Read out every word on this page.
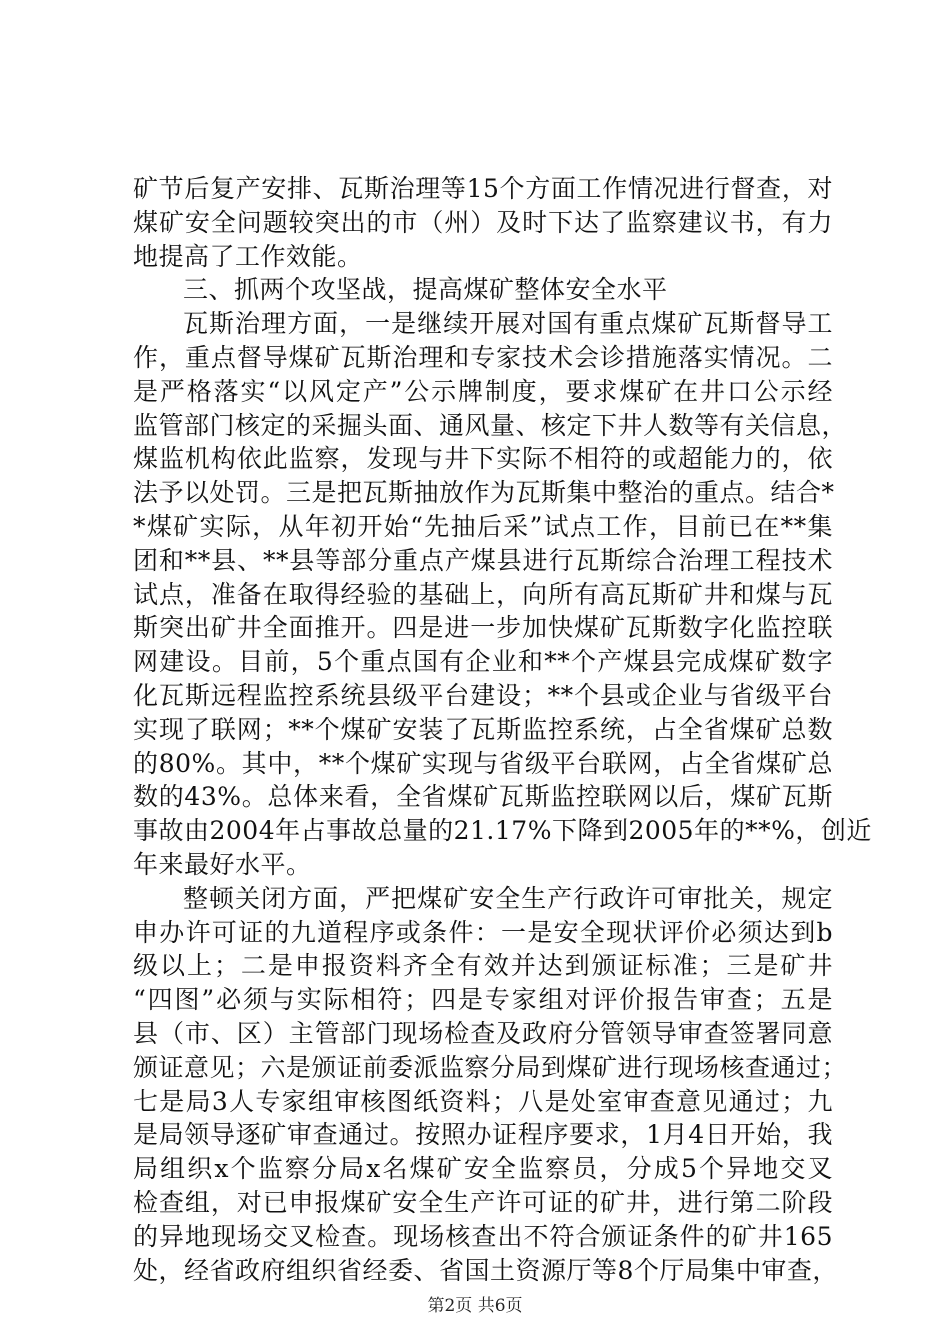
矿节后复产安排、瓦斯治理等15个方面工作情况进行督查，对
煤矿安全问题较突出的市（州）及时下达了监察建议书，有力
地提高了工作效能。
三、抓两个攻坚战，提高煤矿整体安全水平
瓦斯治理方面，一是继续开展对国有重点煤矿瓦斯督导工
作，重点督导煤矿瓦斯治理和专家技术会诊措施落实情况。二
是严格落实“以风定产”公示牌制度，要求煤矿在井口公示经
监管部门核定的采掘头面、通风量、核定下井人数等有关信息，
煤监机构依此监察，发现与井下实际不相符的或超能力的，依
法予以处罚。三是把瓦斯抽放作为瓦斯集中整治的重点。结合*
*煤矿实际，从年初开始“先抽后采”试点工作，目前已在**集
团和**县、**县等部分重点产煤县进行瓦斯综合治理工程技术
试点，准备在取得经验的基础上，向所有高瓦斯矿井和煤与瓦
斯突出矿井全面推开。四是进一步加快煤矿瓦斯数字化监控联
网建设。目前，5个重点国有企业和**个产煤县完成煤矿数字
化瓦斯远程监控系统县级平台建设；**个县或企业与省级平台
实现了联网；**个煤矿安装了瓦斯监控系统，占全省煤矿总数
的80%。其中，**个煤矿实现与省级平台联网，占全省煤矿总
数的43%。总体来看，全省煤矿瓦斯监控联网以后，煤矿瓦斯
事故由2004年占事故总量的21.17%下降到2005年的**%，创近
年来最好水平。
整顿关闭方面，严把煤矿安全生产行政许可审批关，规定
申办许可证的九道程序或条件：一是安全现状评价必须达到b
级以上；二是申报资料齐全有效并达到颁证标准；三是矿井
“四图”必须与实际相符；四是专家组对评价报告审查；五是
县（市、区）主管部门现场检查及政府分管领导审查签署同意
颁证意见；六是颁证前委派监察分局到煤矿进行现场核查通过；
七是局3人专家组审核图纸资料；八是处室审查意见通过；九
是局领导逐矿审查通过。按照办证程序要求，1月4日开始，我
局组织x个监察分局x名煤矿安全监察员，分成5个异地交叉
检查组，对已申报煤矿安全生产许可证的矿井，进行第二阶段
的异地现场交叉检查。现场核查出不符合颁证条件的矿井165
处，经省政府组织省经委、省国土资源厅等8个厅局集中审查，
第2页 共6页
